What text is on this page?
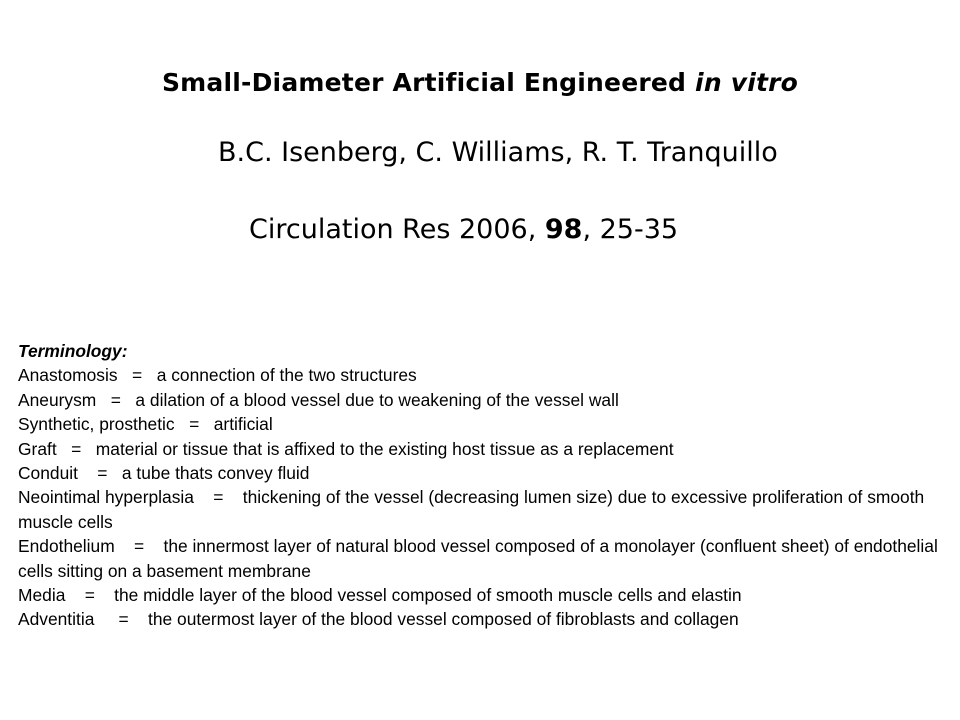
Small-Diameter Artificial Engineered in vitro
B.C. Isenberg, C. Williams, R. T. Tranquillo
Circulation Res 2006, 98, 25-35
Terminology:
Anastomosis   =   a connection of the two structures
Aneurysm   =   a dilation of a blood vessel due to weakening of the vessel wall
Synthetic, prosthetic   =   artificial
Graft   =   material or tissue that is affixed to the existing host tissue as a replacement
Conduit    =   a tube thats convey fluid
Neointimal hyperplasia    =    thickening of the vessel (decreasing lumen size) due to excessive proliferation of smooth muscle cells
Endothelium    =    the innermost layer of natural blood vessel composed of a monolayer (confluent sheet) of endothelial cells sitting on a basement membrane
Media    =    the middle layer of the blood vessel composed of smooth muscle cells and elastin
Adventitia     =    the outermost layer of the blood vessel composed of fibroblasts and collagen
